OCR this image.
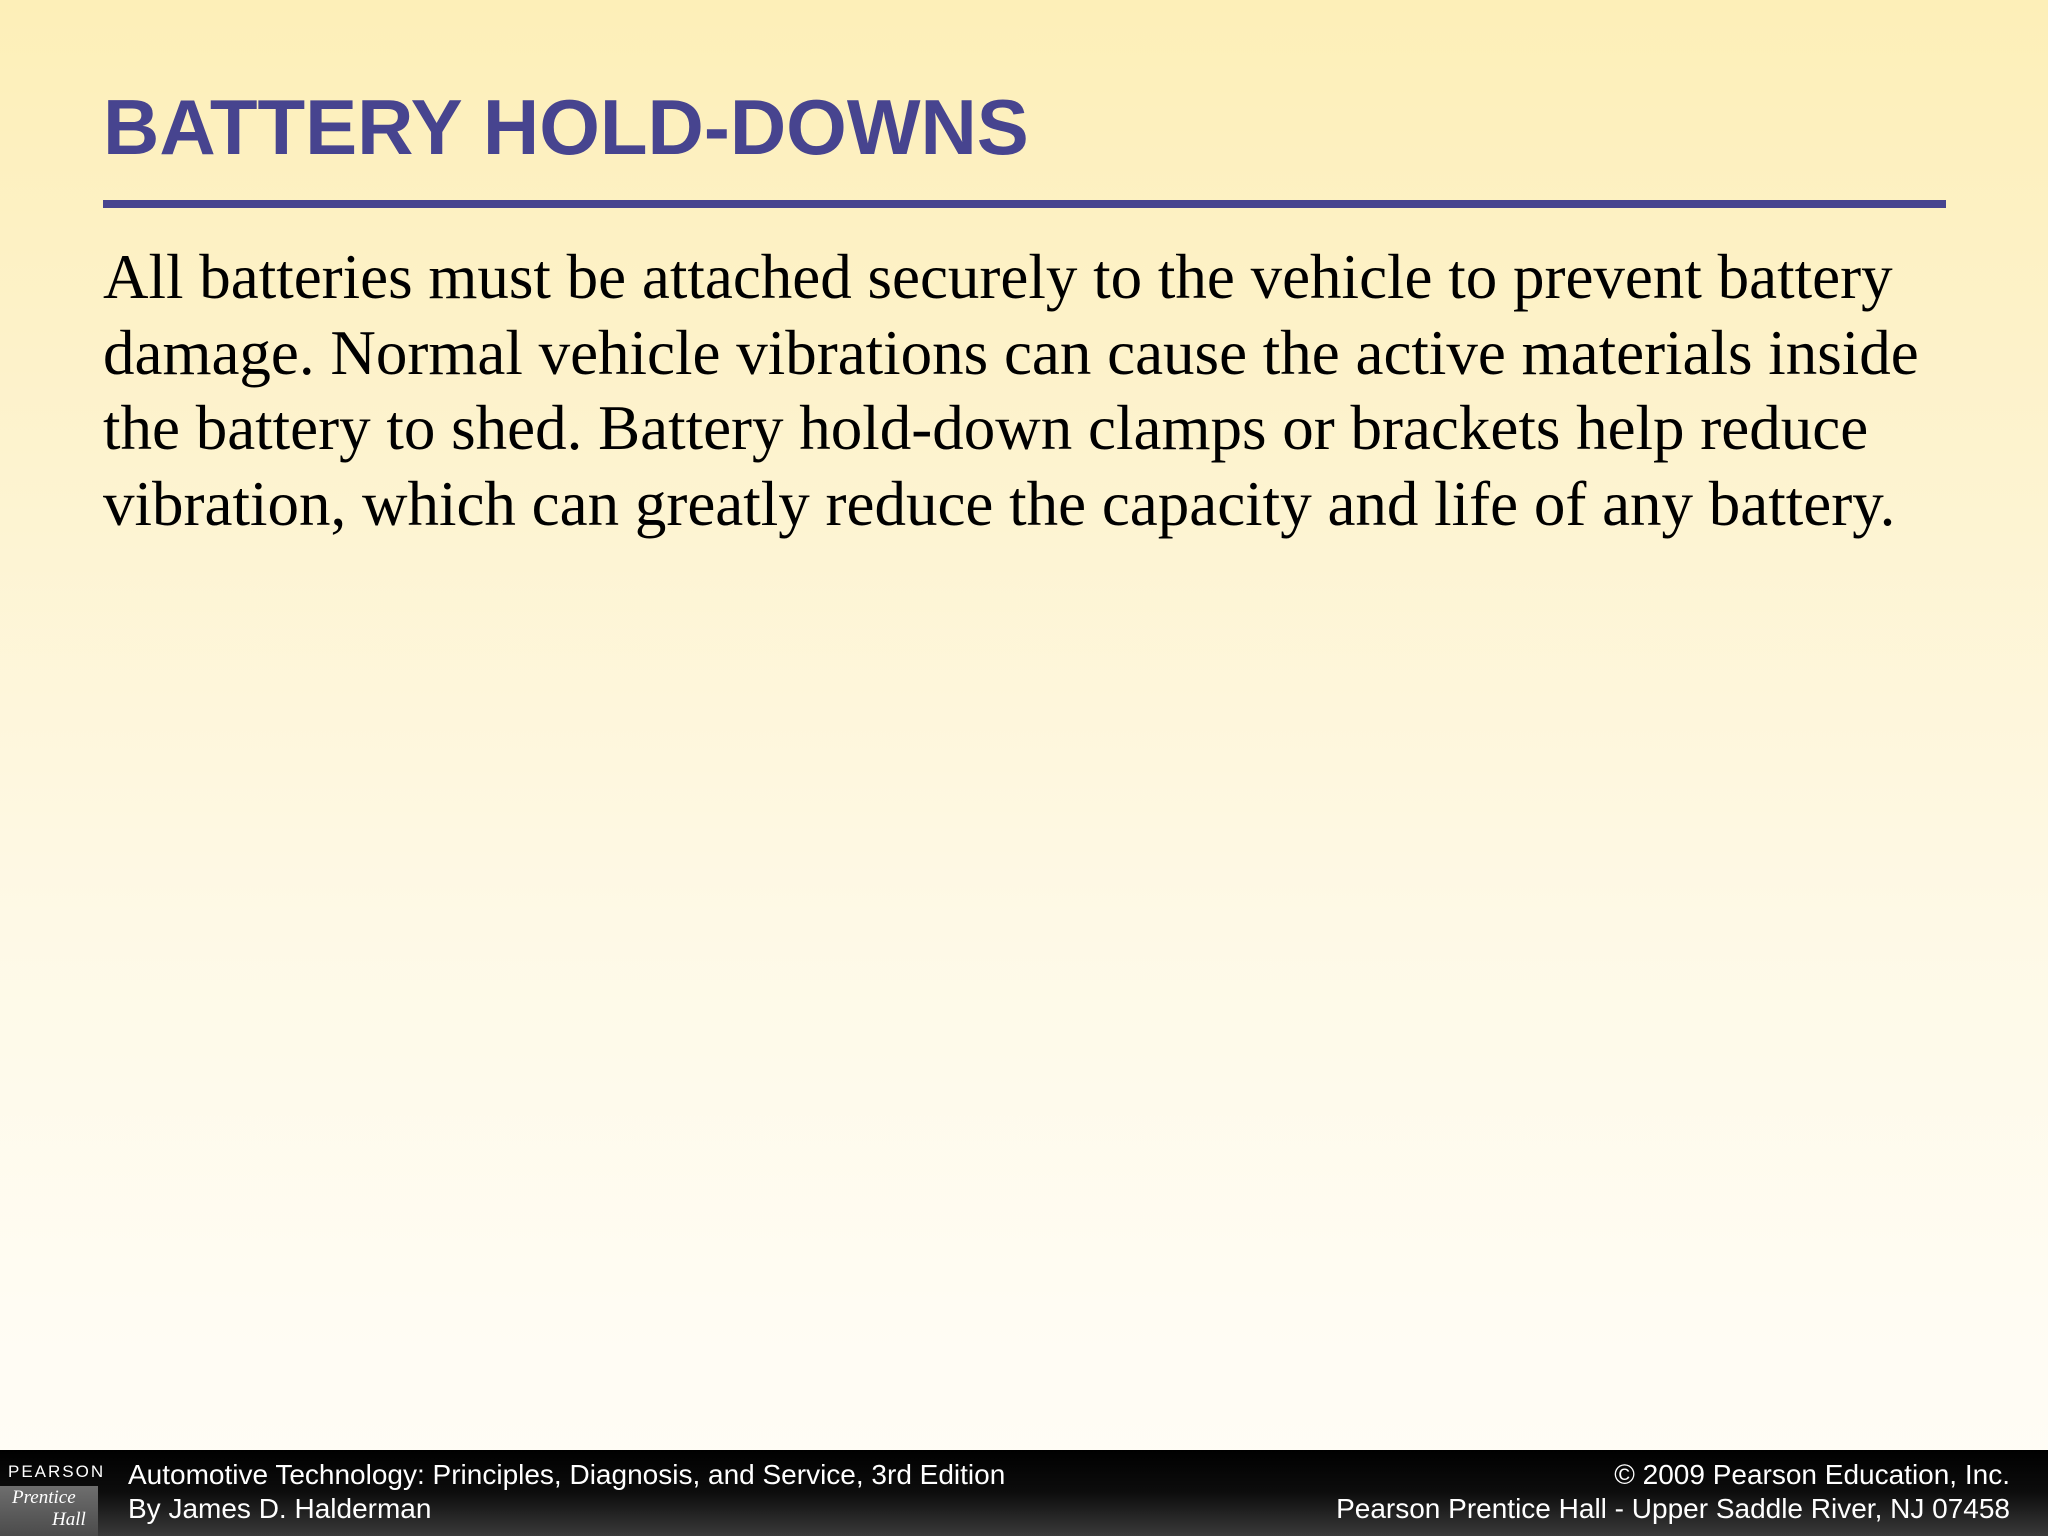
BATTERY HOLD-DOWNS

All batteries must be attached securely to the vehicle to prevent battery damage. Normal vehicle vibrations can cause the active materials inside the battery to shed. Battery hold-down clamps or brackets help reduce vibration, which can greatly reduce the capacity and life of any battery.

PEARSON
Prentice
Hall
Automotive Technology: Principles, Diagnosis, and Service, 3rd Edition
By James D. Halderman
© 2009 Pearson Education, Inc.
Pearson Prentice Hall - Upper Saddle River, NJ 07458
